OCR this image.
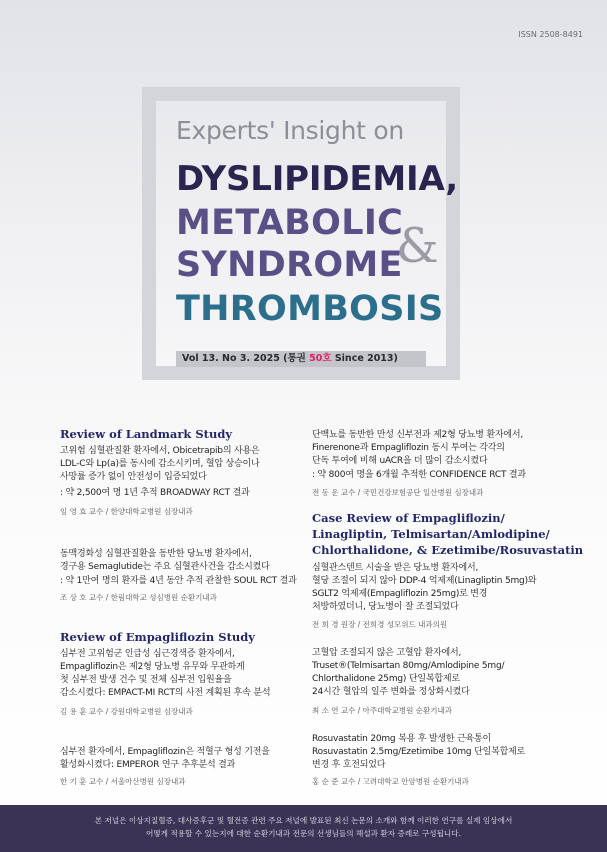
ISSN 2508-8491
Experts' Insight on
DYSLIPIDEMIA,
METABOLIC
SYNDROME
THROMBOSIS
&
Vol 13. No 3. 2025 (통권 50호 Since 2013)
Review of Landmark Study
고위험 심혈관질환 환자에서, Obicetrapib의 사용은
LDL-C와 Lp(a)를 동시에 감소시키며, 혈압 상승이나
사망률 증가 없이 안전성이 입증되었다
: 약 2,500여 명 1년 추적 BROADWAY RCT 결과
임 영 효 교수 / 한양대학교병원 심장내과
동맥경화성 심혈관질환을 동반한 당뇨병 환자에서,
경구용 Semaglutide는 주요 심혈관사건을 감소시켰다
: 약 1만여 명의 환자를 4년 동안 추적 관찰한 SOUL RCT 결과
조 상 호 교수 / 한림대학교 성심병원 순환기내과
Review of Empagliflozin Study
심부전 고위험군 인급성 심근경색증 환자에서,
Empagliflozin은 제2형 당뇨병 유무와 무관하게
첫 심부전 발생 건수 및 전체 심부전 입원율을
감소시켰다: EMPACT-MI RCT의 사전 계획된 후속 분석
김 용 훈 교수 / 강원대학교병원 심장내과
심부전 환자에서, Empagliflozin은 적혈구 형성 기전을
활성화시켰다: EMPEROR 연구 추후분석 결과
한 기 훈 교수 / 서울아산병원 심장내과
단백뇨를 동반한 만성 신부전과 제2형 당뇨병 환자에서,
Finerenone과 Empagliflozin 동시 투여는 각각의
단독 투여에 비해 uACR을 더 많이 감소시켰다
: 약 800여 명을 6개월 추적한 CONFIDENCE RCT 결과
전 동 운 교수 / 국민건강보험공단 일산병원 심장내과
Case Review of Empagliflozin/
Linagliptin, Telmisartan/Amlodipine/
Chlorthalidone, & Ezetimibe/Rosuvastatin
심혈관스텐트 시술을 받은 당뇨병 환자에서,
혈당 조절이 되지 않아 DDP-4 억제제(Linagliptin 5mg)와
SGLT2 억제제(Empagliflozin 25mg)로 변경
처방하였더니, 당뇨병이 잘 조절되었다
전 희 경 원장 / 전희경 성모위드 내과의원
고혈압 조절되지 않은 고혈압 환자에서,
Truset®(Telmisartan 80mg/Amlodipine 5mg/
Chlorthalidone 25mg) 단일복합제로
24시간 혈압의 일주 변화를 정상화시켰다
최 소 연 교수 / 아주대학교병원 순환기내과
Rosuvastatin 20mg 복용 후 발생한 근육통이
Rosuvastatin 2.5mg/Ezetimibe 10mg 단일복합제로
변경 후 호전되었다
홍 순 준 교수 / 고려대학교 안암병원 순환기내과
본 저널은 이상지질혈증, 대사증후군 및 혈전증 관련 주요 저널에 발표된 최신 논문의 소개와 함께 이러한 연구를 실제 임상에서
어떻게 적용할 수 있는지에 대한 순환기내과 전문의 선생님들의 해설과 환자 증례로 구성됩니다.
